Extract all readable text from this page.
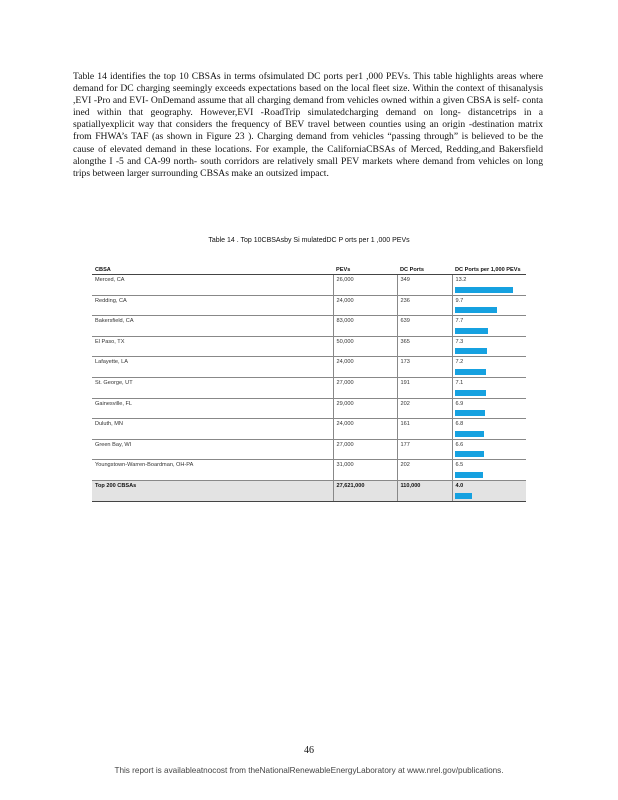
Table 14 identifies the top 10 CBSAs in terms ofsimulated DC ports per1 ,000 PEVs. This table highlights areas where demand for DC charging seemingly exceeds expectations based on the local fleet size. Within the context of thisanalysis ,EVI -Pro and EVI- OnDemand assume that all charging demand from vehicles owned within a given CBSA is self- conta ined within that geography. However,EVI -RoadTrip simulatedcharging demand on long- distancetrips in a spatiallyexplicit way that considers the frequency of BEV travel between counties using an origin -destination matrix from FHWA’s TAF (as shown in Figure 23 ). Charging demand from vehicles “passing through” is believed to be the cause of elevated demand in these locations. For example, the CaliforniaCBSAs of Merced, Redding,and Bakersfield alongthe I -5 and CA-99 north- south corridors are relatively small PEV markets where demand from vehicles on long trips between larger surrounding CBSAs make an outsized impact.

Table 14 . Top 10CBSAsby Si mulatedDC P orts per 1 ,000 PEVs
CBSA	PEVs	DC Ports	DC Ports per 1,000 PEVs
Merced, CA	26,000	349	13.2

Redding, CA	24,000	236	9.7

Bakersfield, CA	83,000	639	7.7

El Paso, TX	50,000	365	7.3

Lafayette, LA	24,000	173	7.2

St. George, UT	27,000	191	7.1

Gainesville, FL	29,000	202	6.9

Duluth, MN	24,000	161	6.8

Green Bay, WI	27,000	177	6.6

Youngstown-Warren-Boardman, OH-PA	31,000	202	6.5

Top 200 CBSAs	27,621,000	110,000	4.0
46
This report is availableatnocost from theNationalRenewableEnergyLaboratory at www.nrel.gov/publications.
